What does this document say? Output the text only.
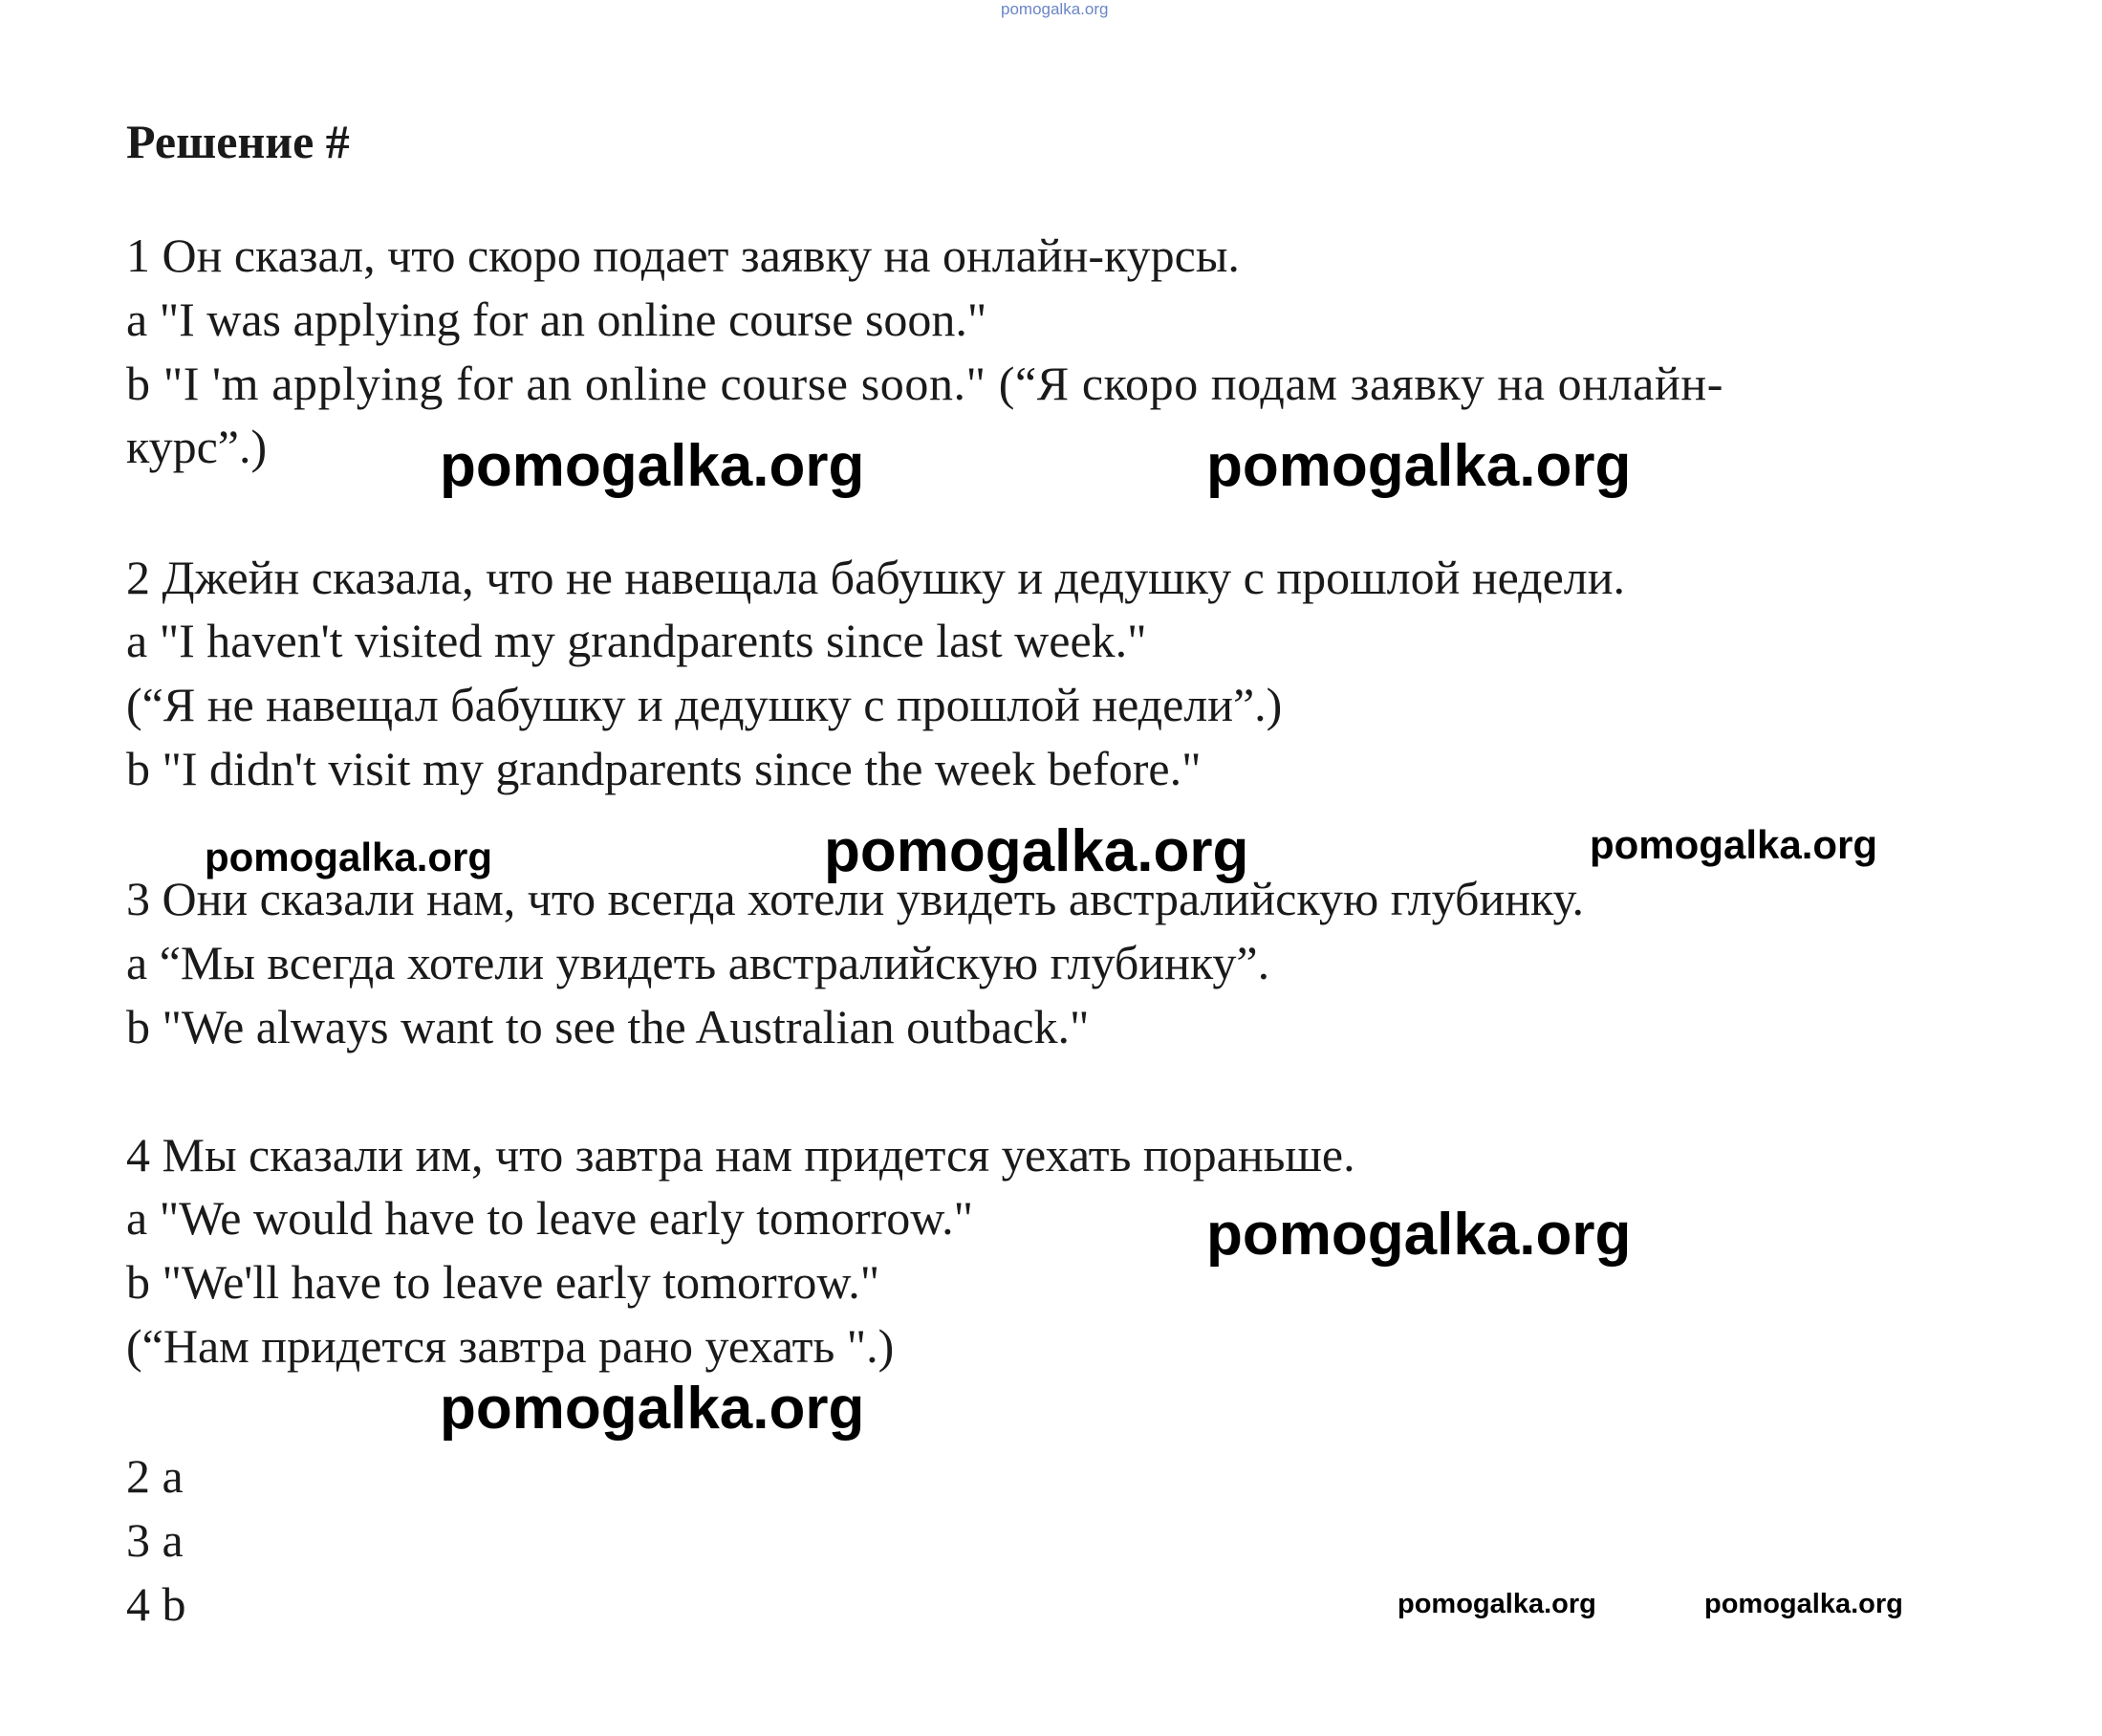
pomogalka.org
Решение #
1 Он сказал, что скоро подает заявку на онлайн-курсы.
a "I was applying for an online course soon."
b "I 'm applying for an online course soon." (“Я скоро подам заявку на онлайн-
курс”.)
2 Джейн сказала, что не навещала бабушку и дедушку с прошлой недели.
a "I haven't visited my grandparents since last week."
(“Я не навещал бабушку и дедушку с прошлой недели”.)
b "I didn't visit my grandparents since the week before."
3 Они сказали нам, что всегда хотели увидеть австралийскую глубинку.
a “Мы всегда хотели увидеть австралийскую глубинку”.
b "We always want to see the Australian outback."
4 Мы сказали им, что завтра нам придется уехать пораньше.
a "We would have to leave early tomorrow."
b "We'll have to leave early tomorrow."
(“Нам придется завтра рано уехать ".)
2 a
3 a
4 b
pomogalka.org	pomogalka.org
pomogalka.org	pomogalka.org	pomogalka.org
pomogalka.org
pomogalka.org
pomogalka.org	pomogalka.org
